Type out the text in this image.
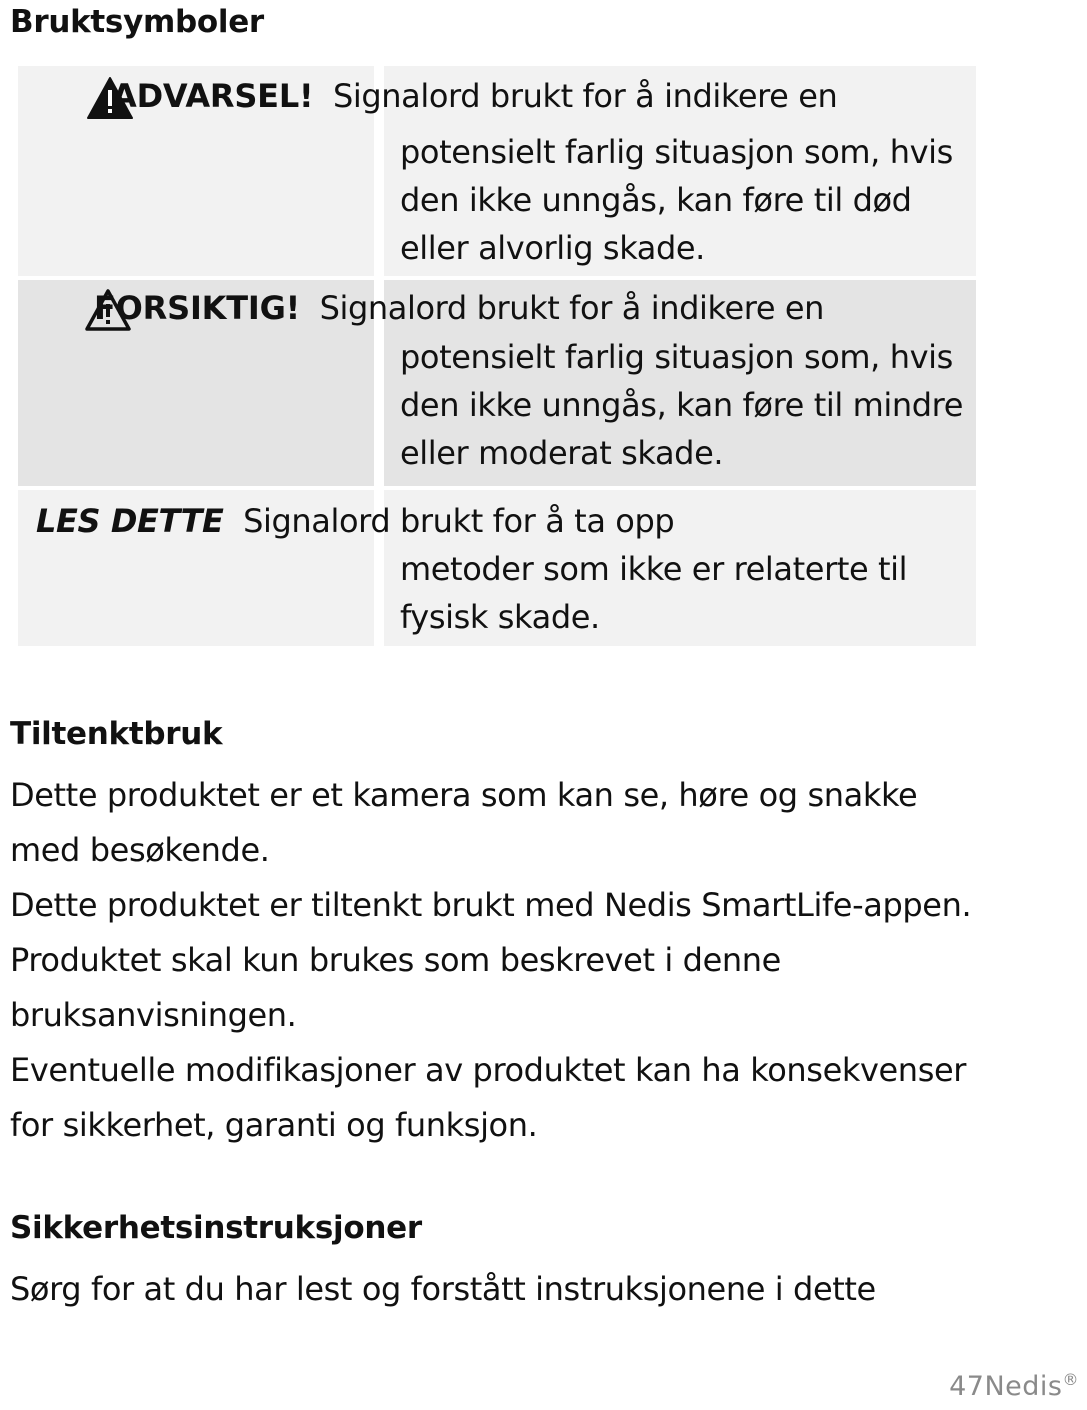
Bruktsymboler

ADVARSEL! Signalord brukt for å indikere en

potensielt farlig situasjon som, hvis
den ikke unngås, kan føre til død
eller alvorlig skade.

FORSIKTIG! Signalord brukt for å indikere en

potensielt farlig situasjon som, hvis
den ikke unngås, kan føre til mindre
eller moderat skade.

LES DETTE Signalord brukt for å ta opp

metoder som ikke er relaterte til
fysisk skade.

Tiltenktbruk

Dette produktet er et kamera som kan se, høre og snakke
med besøkende.
Dette produktet er tiltenkt brukt med Nedis SmartLife-appen.
Produktet skal kun brukes som beskrevet i denne
bruksanvisningen.
Eventuelle modifikasjoner av produktet kan ha konsekvenser
for sikkerhet, garanti og funksjon.

Sikkerhetsinstruksjoner

Sørg for at du har lest og forstått instruksjonene i dette

47Nedis®
